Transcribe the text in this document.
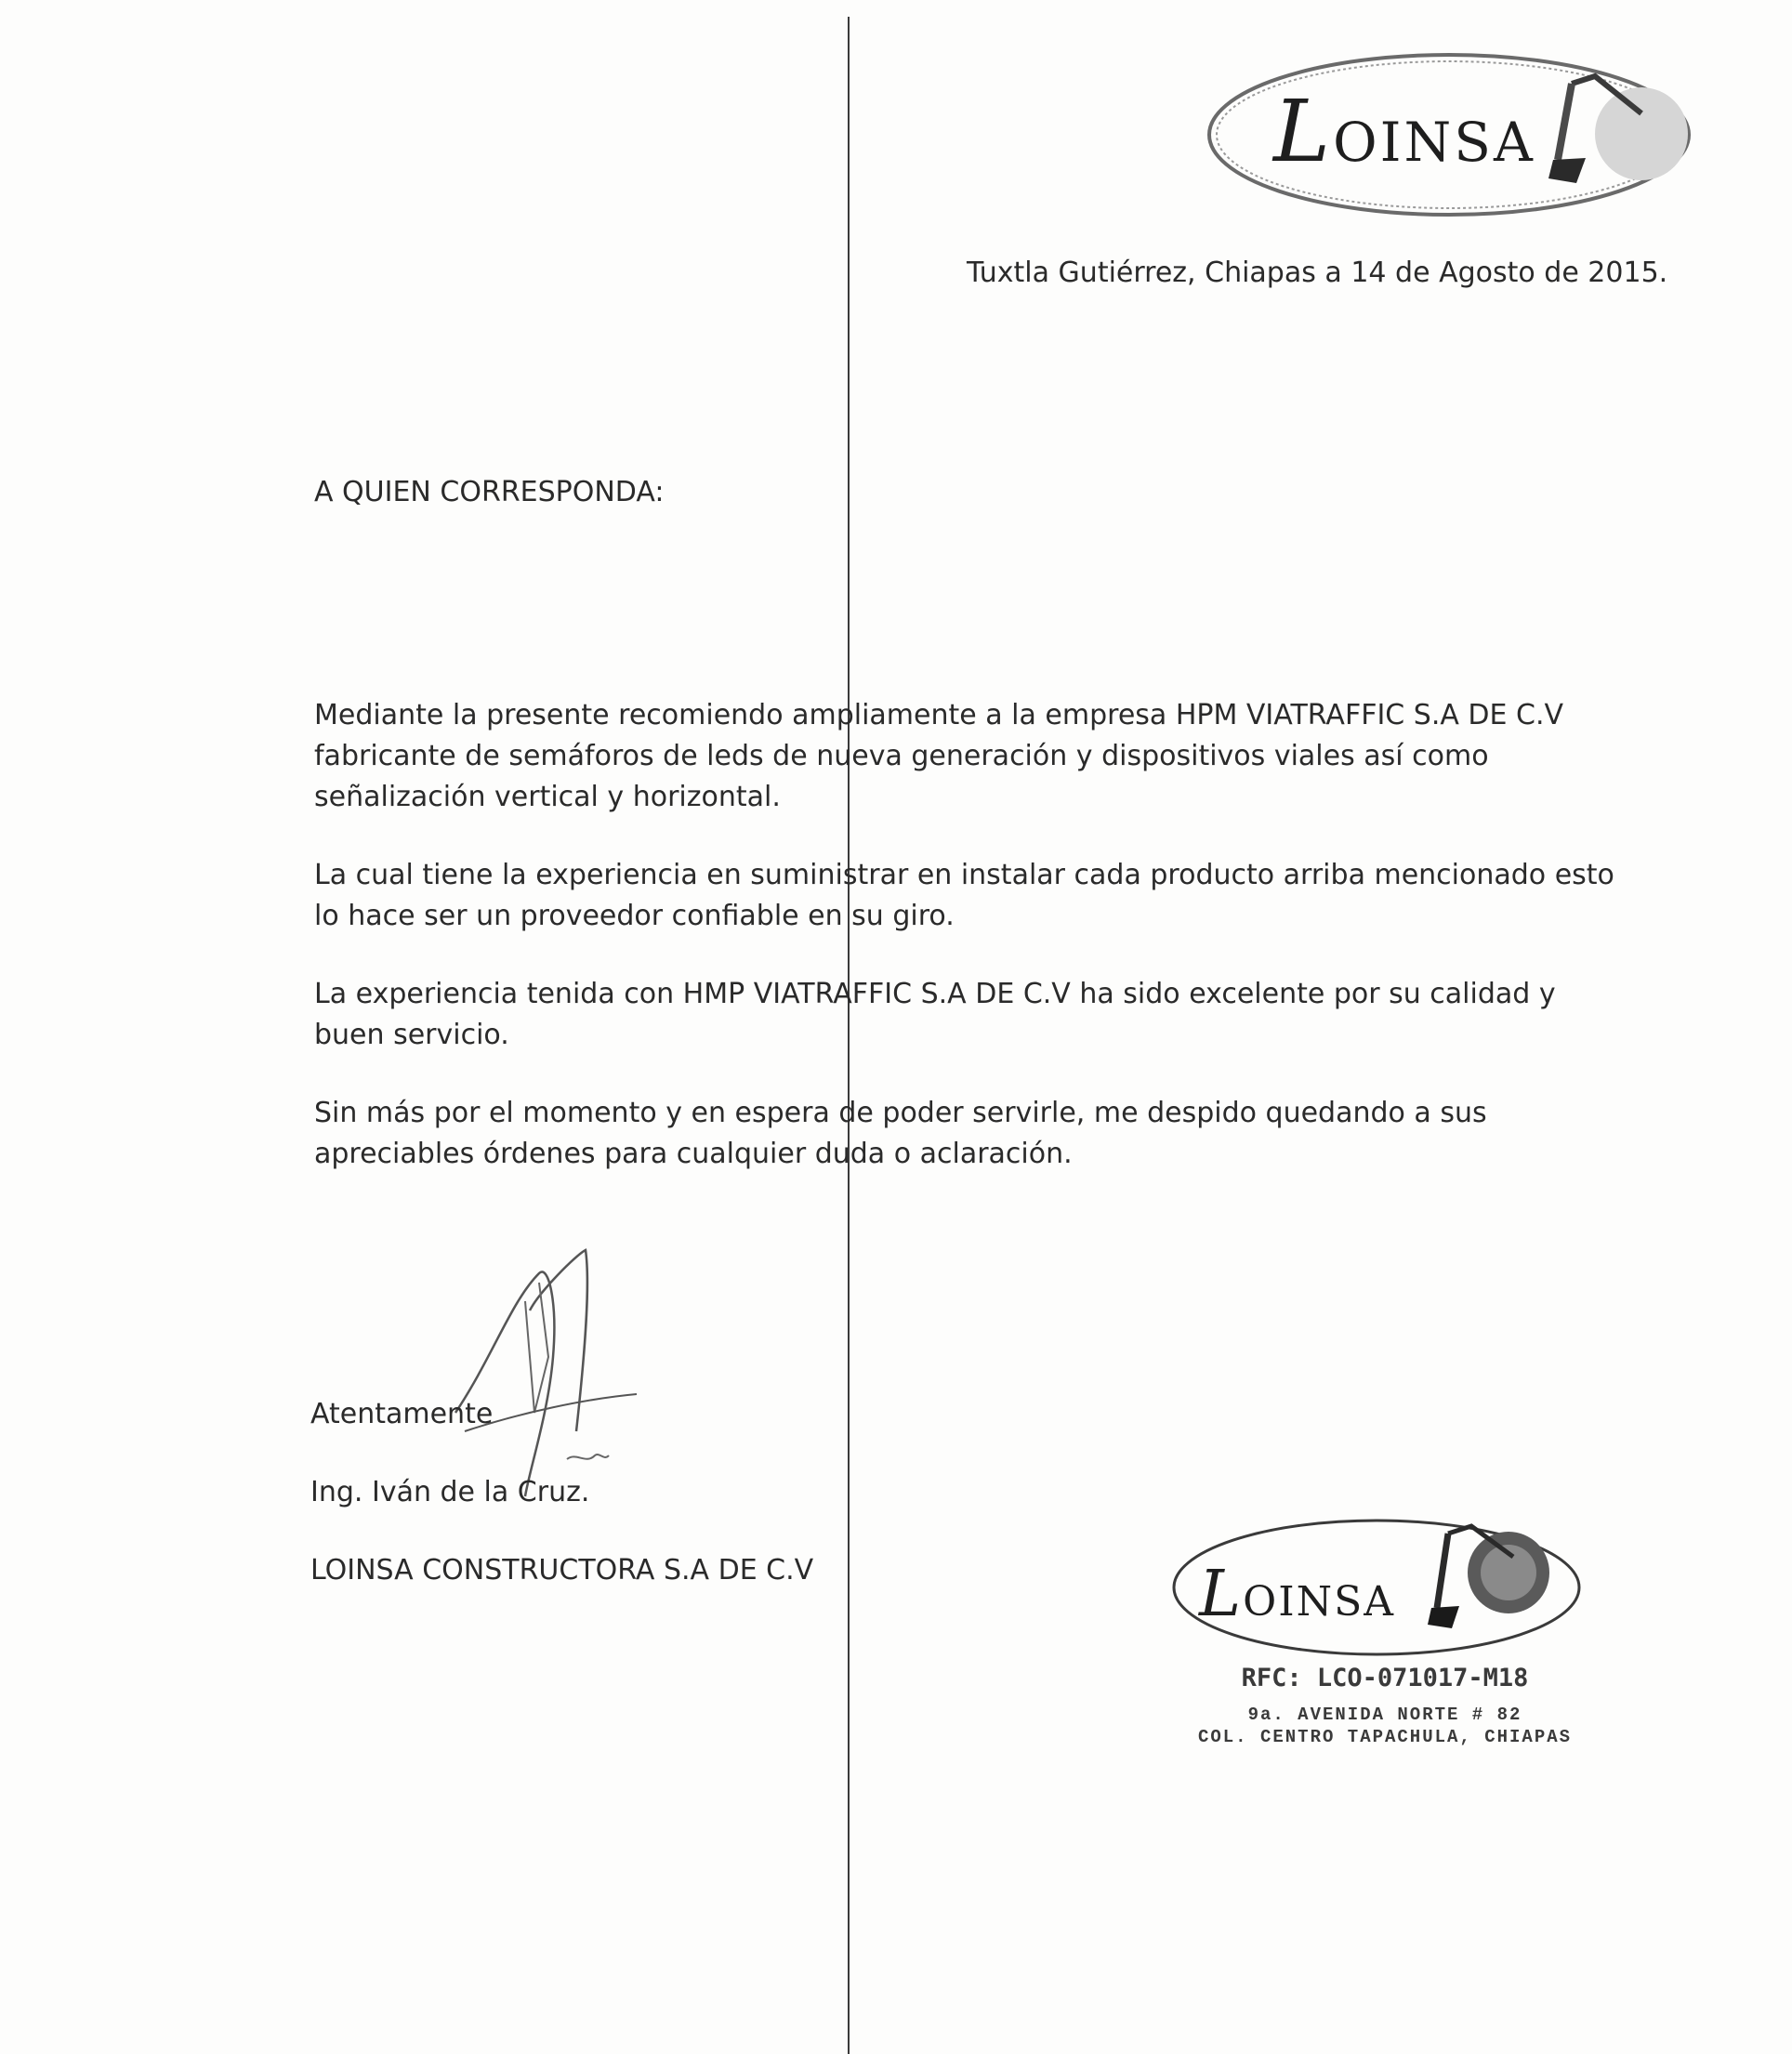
LOINSA
Tuxtla Gutiérrez, Chiapas a 14 de Agosto de 2015.
A QUIEN CORRESPONDA:

Mediante la presente recomiendo ampliamente a la empresa HPM VIATRAFFIC S.A DE C.V fabricante de semáforos de leds de nueva generación y dispositivos viales así como señalización vertical y horizontal.

La cual tiene la experiencia en suministrar en instalar cada producto arriba mencionado esto lo hace ser un proveedor confiable en su giro.

La experiencia tenida con HMP VIATRAFFIC S.A DE C.V ha sido excelente por su calidad y buen servicio.

Sin más por el momento y en espera de poder servirle, me despido quedando a sus apreciables órdenes para cualquier duda o aclaración.

Atentamente
Ing. Iván de la Cruz.
LOINSA CONSTRUCTORA S.A DE C.V	LOINSA
RFC: LCO-071017-M18
9a. AVENIDA NORTE # 82
COL. CENTRO TAPACHULA, CHIAPAS
